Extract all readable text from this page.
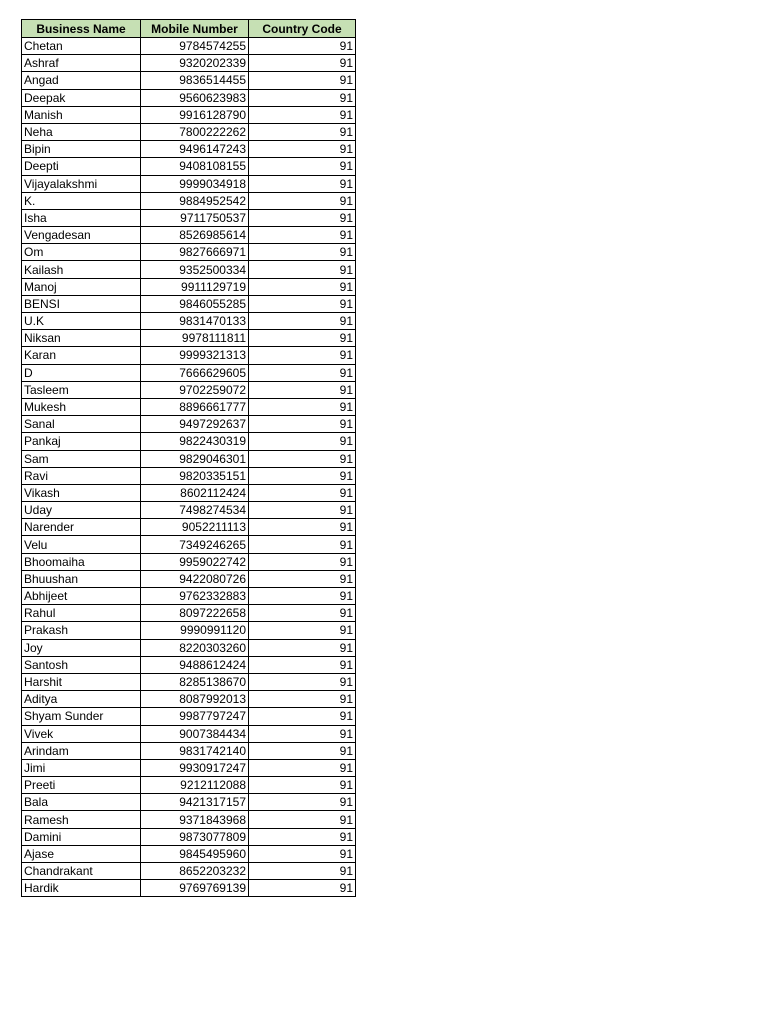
Business Name	Mobile Number	Country Code
Chetan	9784574255	91
Ashraf	9320202339	91
Angad	9836514455	91
Deepak	9560623983	91
Manish	9916128790	91
Neha	7800222262	91
Bipin	9496147243	91
Deepti	9408108155	91
Vijayalakshmi	9999034918	91
K.	9884952542	91
Isha	9711750537	91
Vengadesan	8526985614	91
Om	9827666971	91
Kailash	9352500334	91
Manoj	9911129719	91
BENSI	9846055285	91
U.K	9831470133	91
Niksan	9978111811	91
Karan	9999321313	91
D	7666629605	91
Tasleem	9702259072	91
Mukesh	8896661777	91
Sanal	9497292637	91
Pankaj	9822430319	91
Sam	9829046301	91
Ravi	9820335151	91
Vikash	8602112424	91
Uday	7498274534	91
Narender	9052211113	91
Velu	7349246265	91
Bhoomaiha	9959022742	91
Bhuushan	9422080726	91
Abhijeet	9762332883	91
Rahul	8097222658	91
Prakash	9990991120	91
Joy	8220303260	91
Santosh	9488612424	91
Harshit	8285138670	91
Aditya	8087992013	91
Shyam Sunder	9987797247	91
Vivek	9007384434	91
Arindam	9831742140	91
Jimi	9930917247	91
Preeti	9212112088	91
Bala	9421317157	91
Ramesh	9371843968	91
Damini	9873077809	91
Ajase	9845495960	91
Chandrakant	8652203232	91
Hardik	9769769139	91
